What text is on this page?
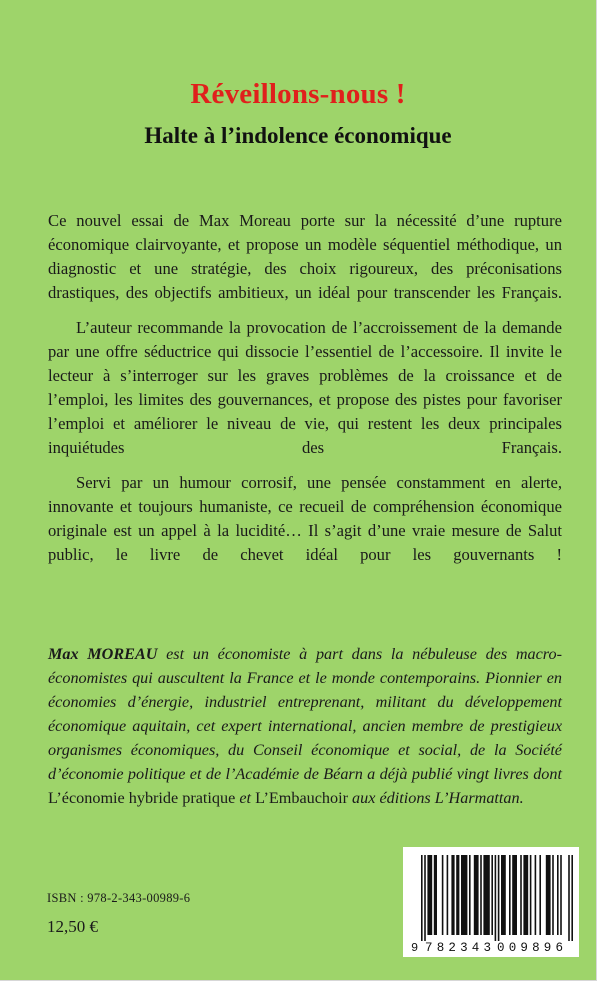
Réveillons-nous !
Halte à l’indolence économique

Ce nouvel essai de Max Moreau porte sur la nécessité d’une rupture économique clairvoyante, et propose un modèle séquentiel méthodique, un diagnostic et une stratégie, des choix rigoureux, des préconisations drastiques, des objectifs ambitieux, un idéal pour transcender les Français.

L’auteur recommande la provocation de l’accroissement de la demande par une offre séductrice qui dissocie l’essentiel de l’accessoire. Il invite le lecteur à s’interroger sur les graves problèmes de la croissance et de l’emploi, les limites des gouvernances, et propose des pistes pour favoriser l’emploi et améliorer le niveau de vie, qui restent les deux principales inquiétudes des Français.

Servi par un humour corrosif, une pensée constamment en alerte, innovante et toujours humaniste, ce recueil de compréhension économique originale est un appel à la lucidité… Il s’agit d’une vraie mesure de Salut public, le livre de chevet idéal pour les gouvernants !

Max MOREAU est un économiste à part dans la nébuleuse des macro-économistes qui auscultent la France et le monde contemporains. Pionnier en économies d’énergie, industriel entreprenant, militant du développement économique aquitain, cet expert international, ancien membre de prestigieux organismes économiques, du Conseil économique et social, de la Société d’économie politique et de l’Académie de Béarn a déjà publié vingt livres dont L’économie hybride pratique et L’Embauchoir aux éditions L’Harmattan.
ISBN : 978-2-343-00989-6
12,50 €
9 782343 009896
